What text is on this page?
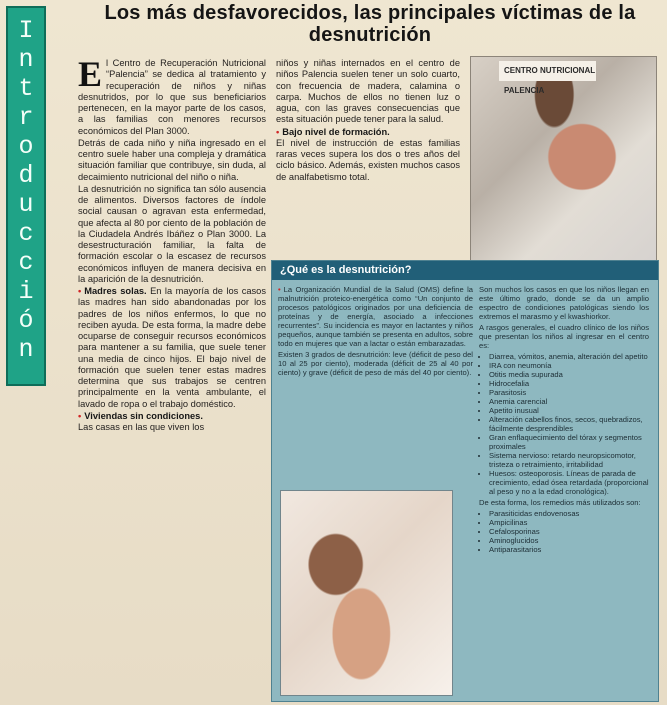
I
n
t
r
o
d
u
c
c
i
ó
n
Los más desfavorecidos, las principales víctimas de la desnutrición

E l Centro de Recuperación Nutricional “Palencia” se dedica al tratamiento y recuperación de niños y niñas desnutridos, por lo que sus beneficiarios pertenecen, en la mayor parte de los casos, a las familias con menores recursos económicos del Plan 3000.

Detrás de cada niño y niña ingresado en el centro suele haber una compleja y dramática situación familiar que contribuye, sin duda, al decaimiento nutricional del niño o niña.

La desnutrición no significa tan sólo ausencia de alimentos. Diversos factores de índole social causan o agravan esta enfermedad, que afecta al 80 por ciento de la población de la Ciudadela Andrés Ibáñez o Plan 3000. La desestructuración familiar, la falta de formación escolar o la escasez de recursos económicos influyen de manera decisiva en la aparición de la desnutrición.

• Madres solas. En la mayoría de los casos las madres han sido abandonadas por los padres de los niños enfermos, lo que no reciben ayuda. De esta forma, la madre debe ocuparse de conseguir recursos económicos para mantener a su familia, que suele tener una media de cinco hijos. El bajo nivel de formación que suelen tener estas madres determina que sus trabajos se centren principalmente en la venta ambulante, el lavado de ropa o el trabajo doméstico.

• Viviendas sin condiciones.
Las casas en las que viven los

niños y niñas internados en el centro de niños Palencia suelen tener un solo cuarto, con frecuencia de madera, calamina o carpa. Muchos de ellos no tienen luz o agua, con las graves consecuencias que esta situación puede tener para la salud.

• Bajo nivel de formación.
El nivel de instrucción de estas familias raras veces supera los dos o tres años del ciclo básico. Además, existen muchos casos de analfabetismo total.

CENTRO NUTRICIONAL PALENCIA
¿Qué es la desnutrición?

• La Organización Mundial de la Salud (OMS) define la malnutrición proteico-energética como “Un conjunto de procesos patológicos originados por una deficiencia de proteínas y de energía, asociado a infecciones recurrentes”. Su incidencia es mayor en lactantes y niños pequeños, aunque también se presenta en adultos, sobre todo en mujeres que van a lactar o están embarazadas.

Existen 3 grados de desnutrición: leve (déficit de peso del 10 al 25 por ciento), moderada (déficit de 25 al 40 por ciento) y grave (déficit de peso de más del 40 por ciento).

Son muchos los casos en que los niños llegan en este último grado, donde se da un amplio espectro de condiciones patológicas siendo los extremos el marasmo y el kwashiorkor.

A rasgos generales, el cuadro clínico de los niños que presentan los niños al ingresar en el centro es:

• Diarrea, vómitos, anemia, alteración del apetito
• IRA con neumonía
• Otitis media supurada
• Hidrocefalia
• Parasitosis
• Anemia carencial
• Apetito inusual
• Alteración cabellos finos, secos, quebradizos, fácilmente desprendibles
• Gran enflaquecimiento del tórax y segmentos proximales
• Sistema nervioso: retardo neuropsicomotor, tristeza o retraimiento, irritabilidad
• Huesos: osteoporosis. Líneas de parada de crecimiento, edad ósea retardada (proporcional al peso y no a la edad cronológica).

De esta forma, los remedios más utilizados son:

• Parasiticidas endovenosas
• Ampicilinas
• Cefalosporinas
• Aminoglucidos
• Antiparasitarios
